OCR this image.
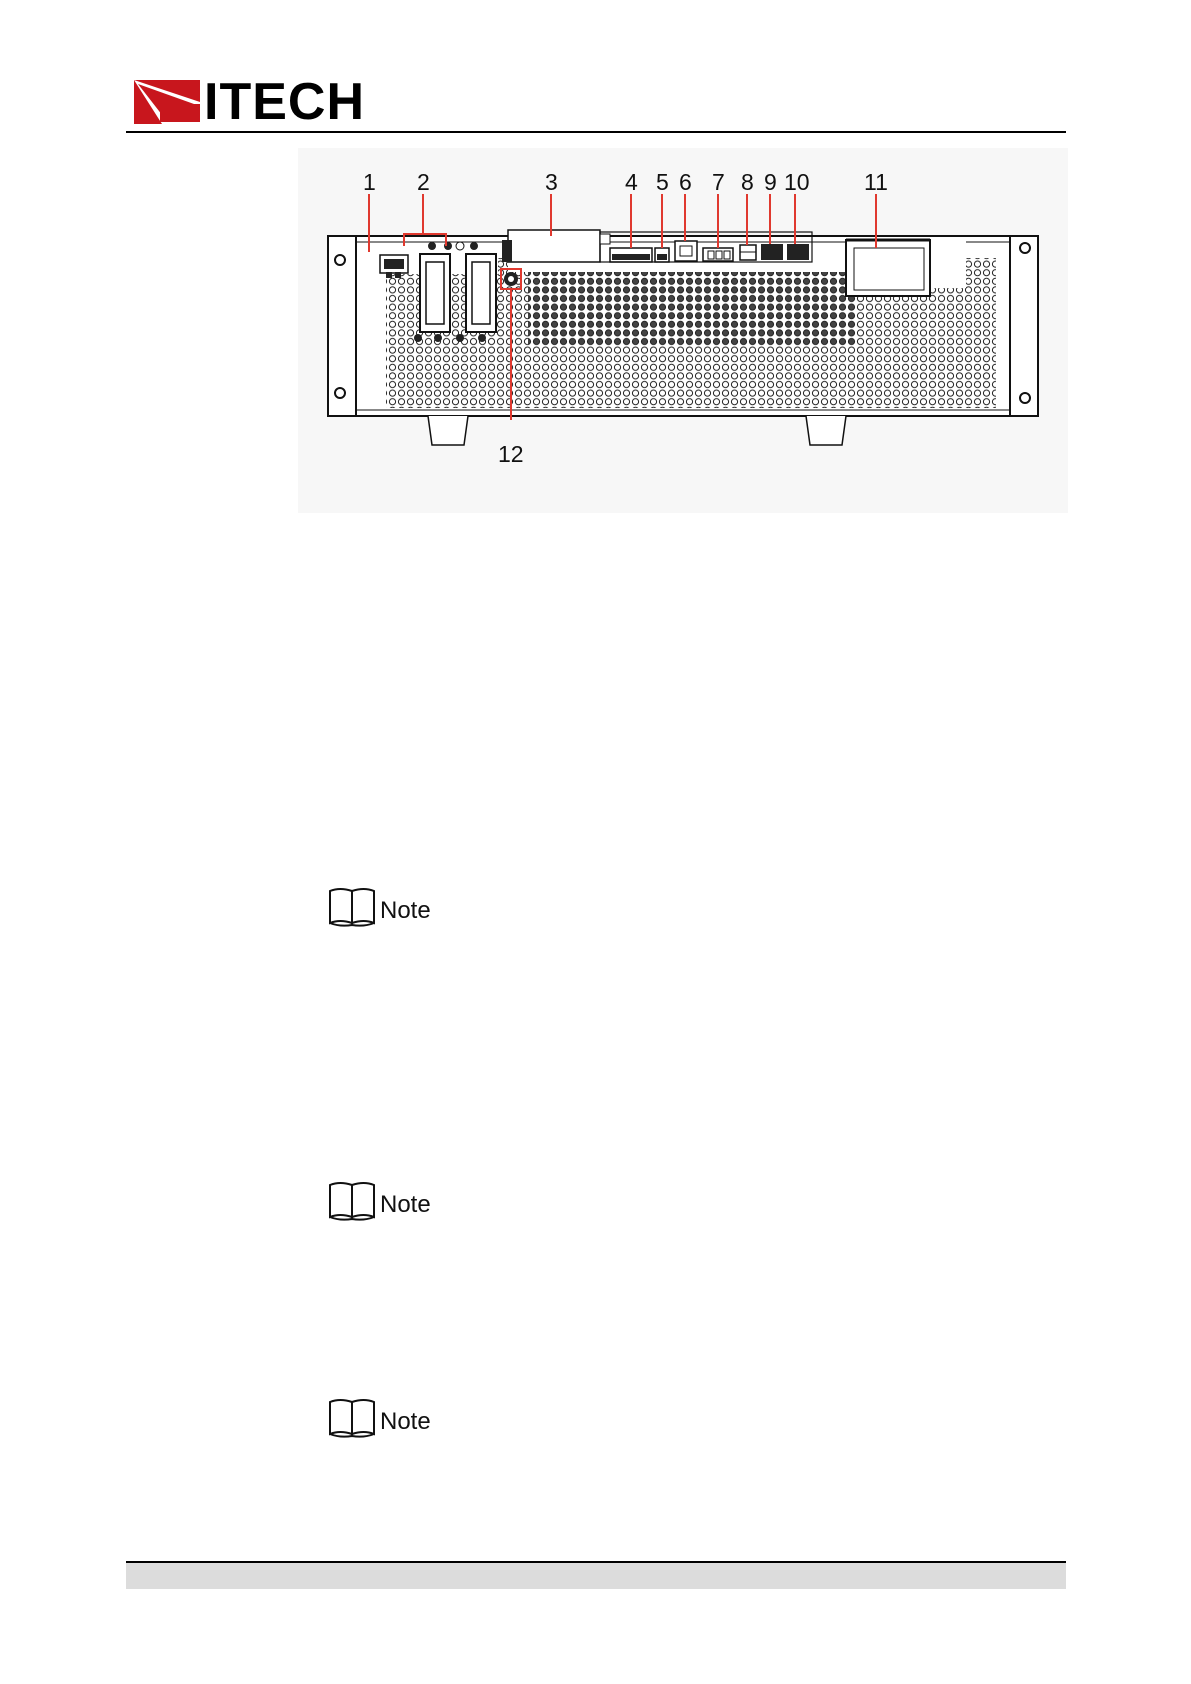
ITECH
1 2	3	4 5 6 7 8 9 10 11
12
Note
Note
Note
